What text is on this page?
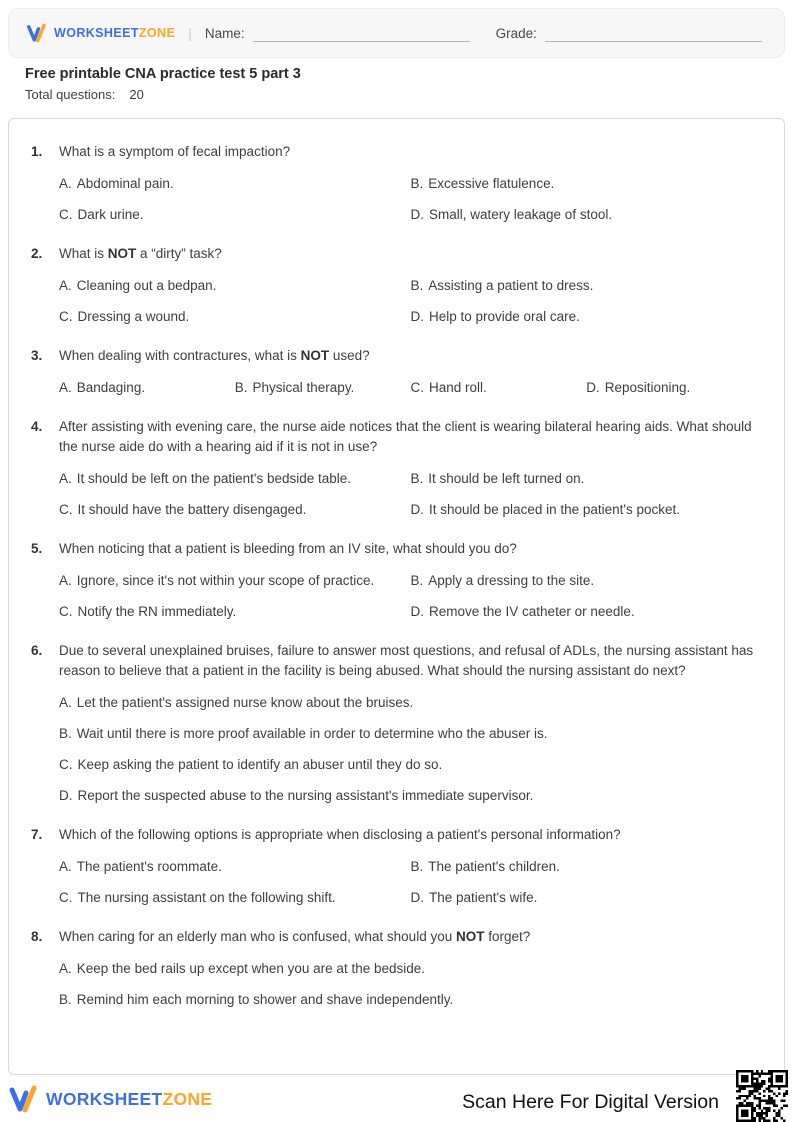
WORKSHEETZONE | Name:	Grade:
Free printable CNA practice test 5 part 3
Total questions: 20
1.	What is a symptom of fecal impaction?
A. Abdominal pain.	B. Excessive flatulence.
C. Dark urine.	D. Small, watery leakage of stool.
2.	What is NOT a “dirty” task?
A. Cleaning out a bedpan.	B. Assisting a patient to dress.
C. Dressing a wound.	D. Help to provide oral care.
3.	When dealing with contractures, what is NOT used?
A. Bandaging.	B. Physical therapy.	C. Hand roll.	D. Repositioning.
4.	After assisting with evening care, the nurse aide notices that the client is wearing bilateral hearing aids. What should the nurse aide do with a hearing aid if it is not in use?
A. It should be left on the patient's bedside table.	B. It should be left turned on.
C. It should have the battery disengaged.	D. It should be placed in the patient's pocket.
5.	When noticing that a patient is bleeding from an IV site, what should you do?
A. Ignore, since it's not within your scope of practice.	B. Apply a dressing to the site.
C. Notify the RN immediately.	D. Remove the IV catheter or needle.
6.	Due to several unexplained bruises, failure to answer most questions, and refusal of ADLs, the nursing assistant has reason to believe that a patient in the facility is being abused. What should the nursing assistant do next?
A. Let the patient's assigned nurse know about the bruises.
B. Wait until there is more proof available in order to determine who the abuser is.
C. Keep asking the patient to identify an abuser until they do so.
D. Report the suspected abuse to the nursing assistant's immediate supervisor.
7.	Which of the following options is appropriate when disclosing a patient's personal information?
A. The patient's roommate.	B. The patient's children.
C. The nursing assistant on the following shift.	D. The patient's wife.
8.	When caring for an elderly man who is confused, what should you NOT forget?
A. Keep the bed rails up except when you are at the bedside.
B. Remind him each morning to shower and shave independently.
WORKSHEETZONE	Scan Here For Digital Version
